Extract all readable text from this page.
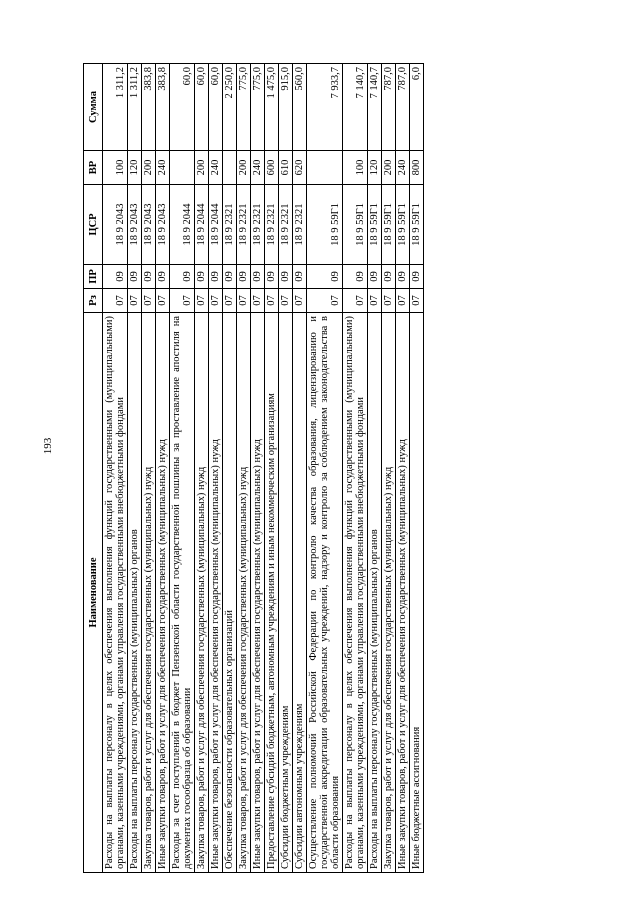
193
Наименование	Рз	ПР	ЦСР	ВР	Сумма
Расходы на выплаты персоналу в целях обеспечения выполнения функций государственными (муниципальными) органами, казенными учреждениями, органами управления государственными внебюджетными фондами	07	09	18 9 2043	100	1 311,2
Расходы на выплаты персоналу государственных (муниципальных) органов	07	09	18 9 2043	120	1 311,2
Закупка товаров, работ и услуг для обеспечения государственных (муниципальных) нужд	07	09	18 9 2043	200	383,8
Иные закупки товаров, работ и услуг для обеспечения государственных (муниципальных) нужд	07	09	18 9 2043	240	383,8
Расходы за счет поступлений в бюджет Пензенской области государственной пошлины за проставление апостиля на документах госообразца об образовании	07	09	18 9 2044		60,0
Закупка товаров, работ и услуг для обеспечения государственных (муниципальных) нужд	07	09	18 9 2044	200	60,0
Иные закупки товаров, работ и услуг для обеспечения государственных (муниципальных) нужд	07	09	18 9 2044	240	60,0
Обеспечение безопасности образовательных организаций	07	09	18 9 2321		2 250,0
Закупка товаров, работ и услуг для обеспечения государственных (муниципальных) нужд	07	09	18 9 2321	200	775,0
Иные закупки товаров, работ и услуг для обеспечения государственных (муниципальных) нужд	07	09	18 9 2321	240	775,0
Предоставление субсидий бюджетным, автономным учреждениям и иным некоммерческим организациям	07	09	18 9 2321	600	1 475,0
Субсидии бюджетным учреждениям	07	09	18 9 2321	610	915,0
Субсидии автономным учреждениям	07	09	18 9 2321	620	560,0
Осуществление полномочий Российской Федерации по контролю качества образования, лицензированию и государственной аккредитации образовательных учреждений, надзору и контролю за соблюдением законодательства в области образования	07	09	18 9 59Г1		7 933,7
Расходы на выплаты персоналу в целях обеспечения выполнения функций государственными (муниципальными) органами, казенными учреждениями, органами управления государственными внебюджетными фондами	07	09	18 9 59Г1	100	7 140,7
Расходы на выплаты персоналу государственных (муниципальных) органов	07	09	18 9 59Г1	120	7 140,7
Закупка товаров, работ и услуг для обеспечения государственных (муниципальных) нужд	07	09	18 9 59Г1	200	787,0
Иные закупки товаров, работ и услуг для обеспечения государственных (муниципальных) нужд	07	09	18 9 59Г1	240	787,0
Иные бюджетные ассигнования	07	09	18 9 59Г1	800	6,0
